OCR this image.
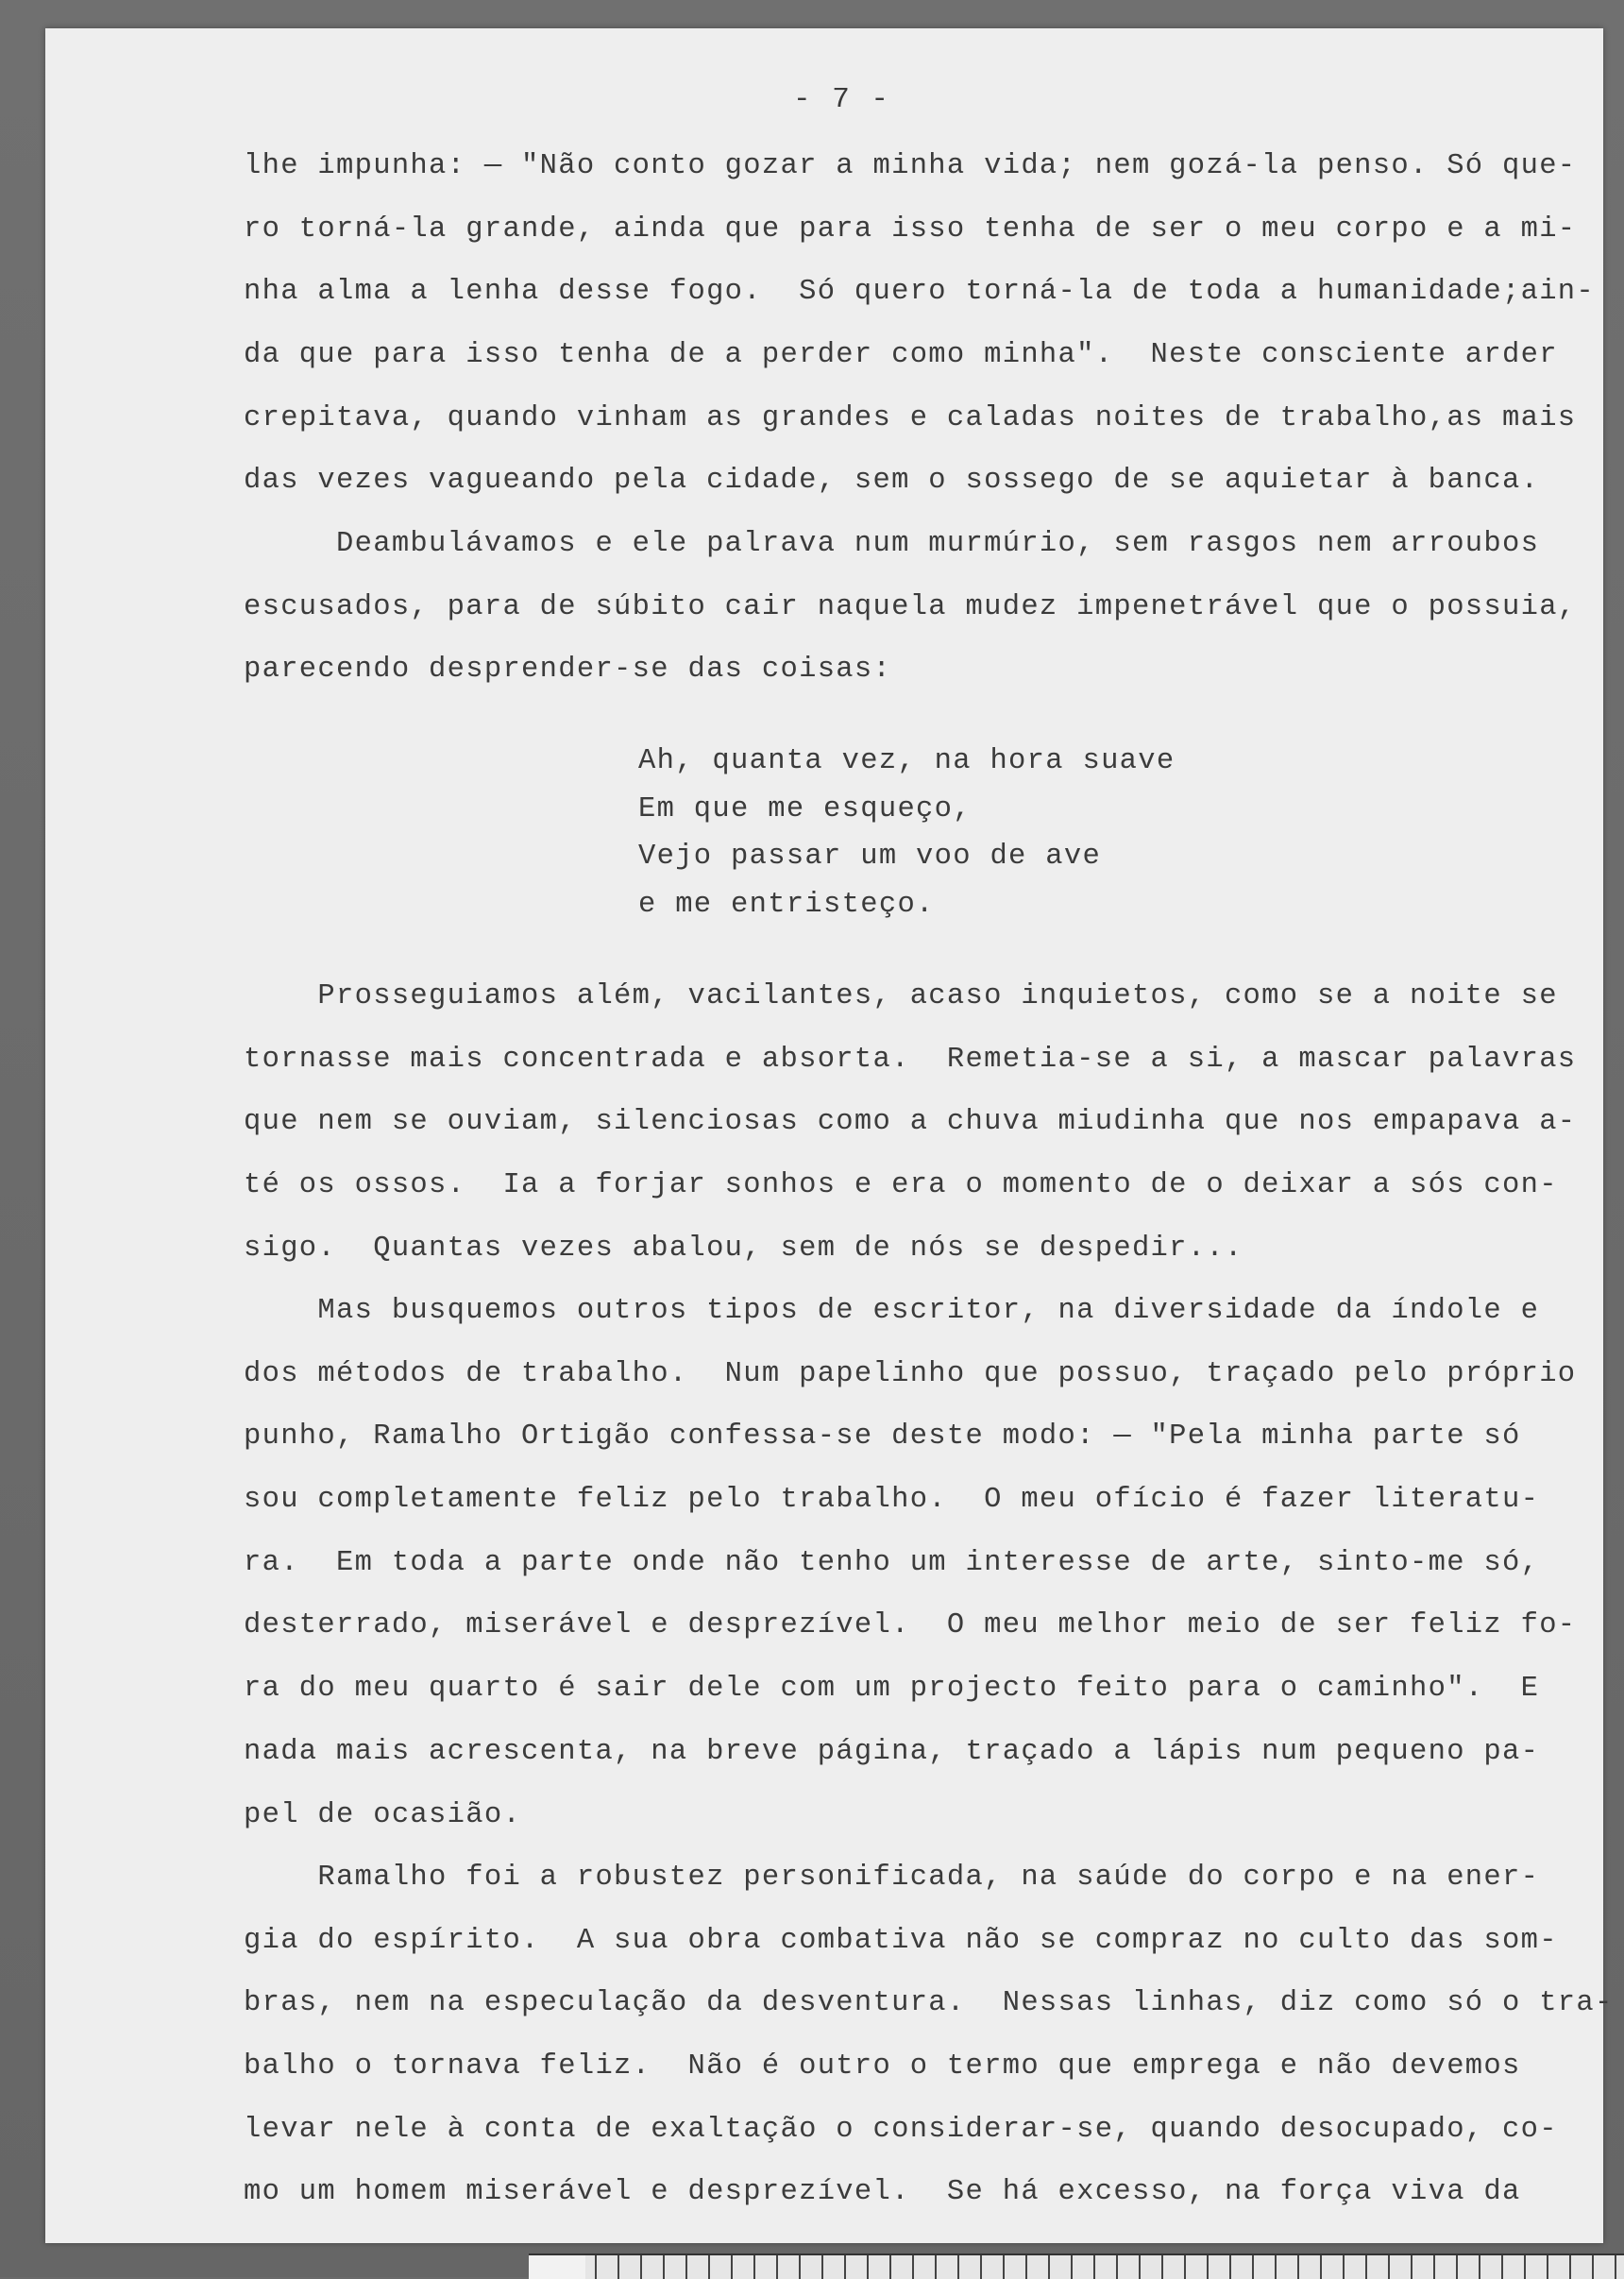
- 7 -
lhe impunha: — "Não conto gozar a minha vida; nem gozá-la penso. Só que-
ro torná-la grande, ainda que para isso tenha de ser o meu corpo e a mi-
nha alma a lenha desse fogo.  Só quero torná-la de toda a humanidade;ain-
da que para isso tenha de a perder como minha".  Neste consciente arder
crepitava, quando vinham as grandes e caladas noites de trabalho,as mais
das vezes vagueando pela cidade, sem o sossego de se aquietar à banca.
Deambulávamos e ele palrava num murmúrio, sem rasgos nem arroubos
escusados, para de súbito cair naquela mudez impenetrável que o possuia,
parecendo desprender-se das coisas:
Ah, quanta vez, na hora suave
Em que me esqueço,
Vejo passar um voo de ave
e me entristeço.
Prosseguiamos além, vacilantes, acaso inquietos, como se a noite se
tornasse mais concentrada e absorta.  Remetia-se a si, a mascar palavras
que nem se ouviam, silenciosas como a chuva miudinha que nos empapava a-
té os ossos.  Ia a forjar sonhos e era o momento de o deixar a sós con-
sigo.  Quantas vezes abalou, sem de nós se despedir...
Mas busquemos outros tipos de escritor, na diversidade da índole e
dos métodos de trabalho.  Num papelinho que possuo, traçado pelo próprio
punho, Ramalho Ortigão confessa-se deste modo: — "Pela minha parte só
sou completamente feliz pelo trabalho.  O meu ofício é fazer literatu-
ra.  Em toda a parte onde não tenho um interesse de arte, sinto-me só,
desterrado, miserável e desprezível.  O meu melhor meio de ser feliz fo-
ra do meu quarto é sair dele com um projecto feito para o caminho".  E
nada mais acrescenta, na breve página, traçado a lápis num pequeno pa-
pel de ocasião.
Ramalho foi a robustez personificada, na saúde do corpo e na ener-
gia do espírito.  A sua obra combativa não se compraz no culto das som-
bras, nem na especulação da desventura.  Nessas linhas, diz como só o tra-
balho o tornava feliz.  Não é outro o termo que emprega e não devemos
levar nele à conta de exaltação o considerar-se, quando desocupado, co-
mo um homem miserável e desprezível.  Se há excesso, na força viva da
